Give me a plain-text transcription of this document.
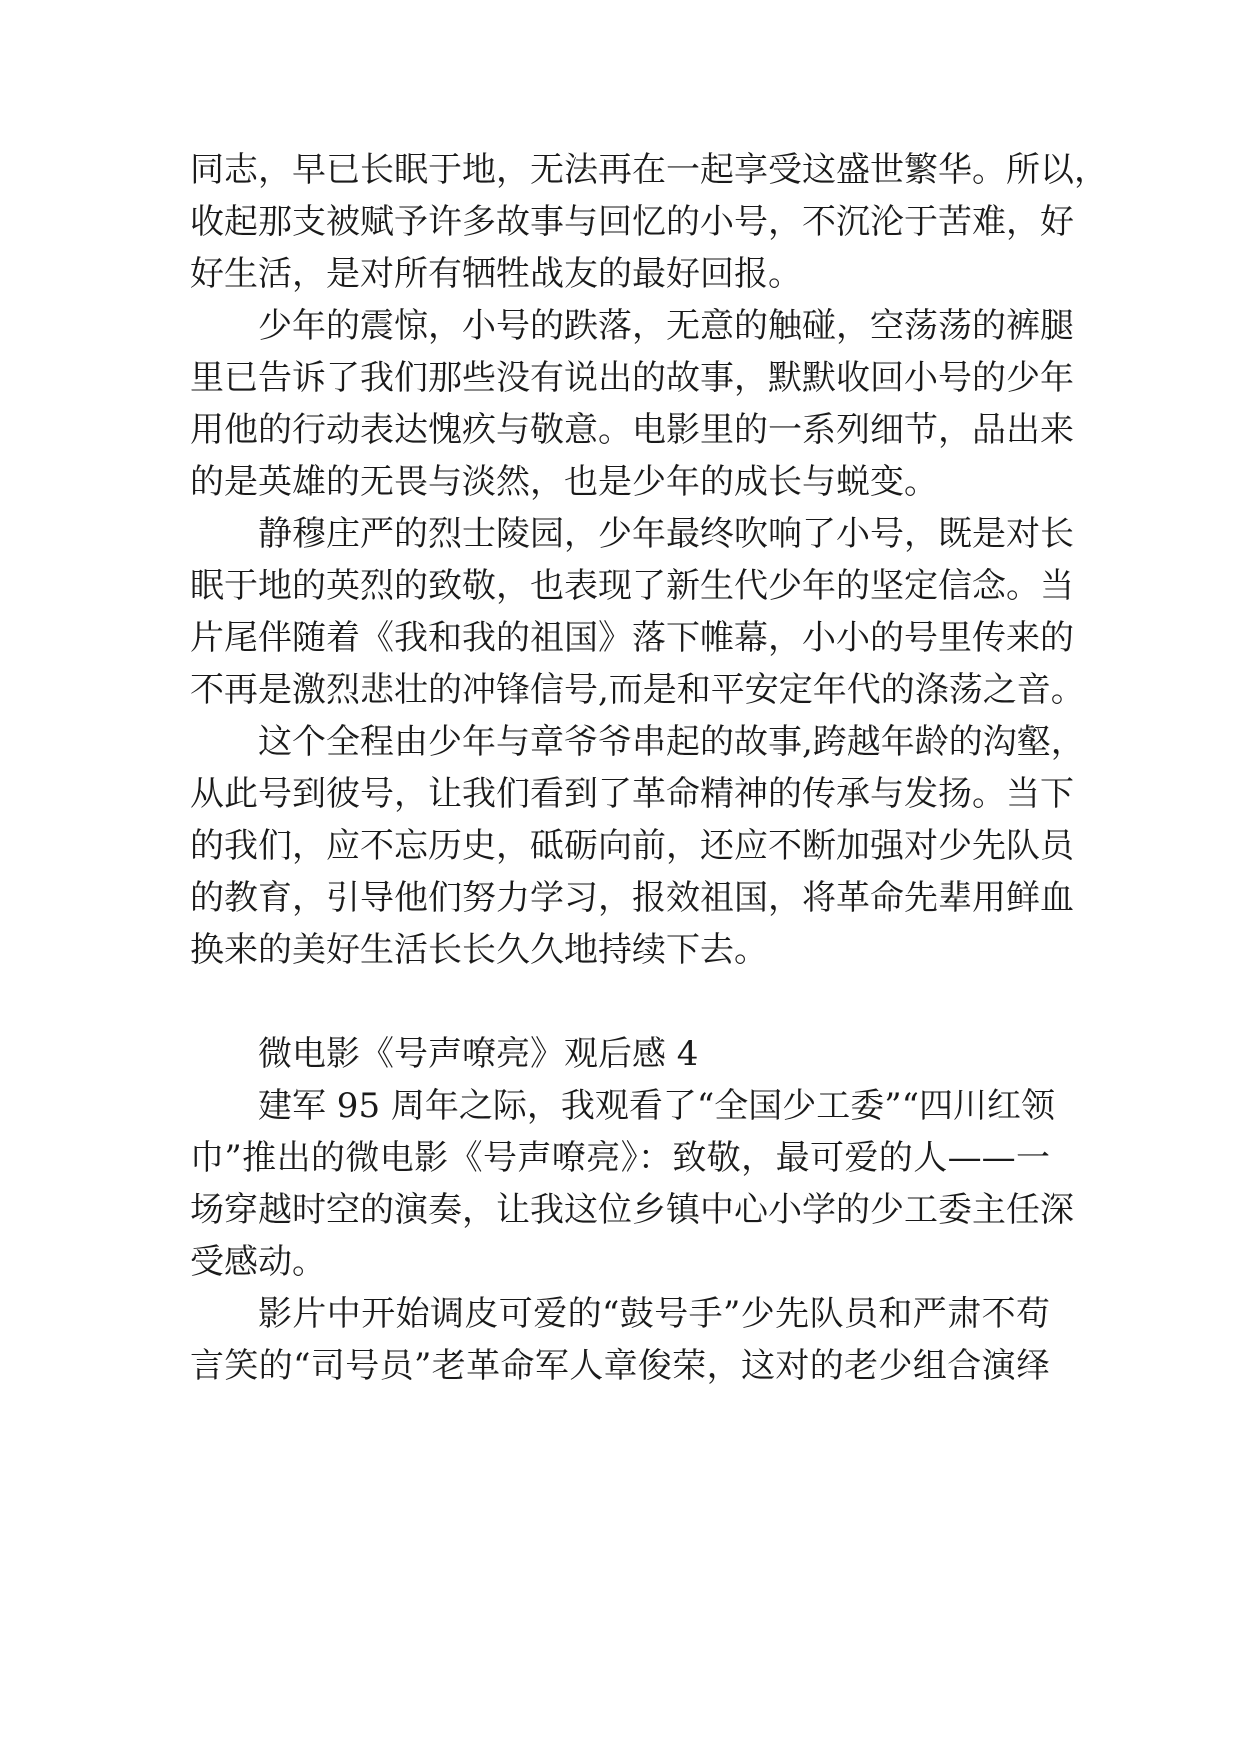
同志，早已长眠于地，无法再在一起享受这盛世繁华。所以，
收起那支被赋予许多故事与回忆的小号，不沉沦于苦难，好
好生活，是对所有牺牲战友的最好回报。
少年的震惊，小号的跌落，无意的触碰，空荡荡的裤腿
里已告诉了我们那些没有说出的故事，默默收回小号的少年
用他的行动表达愧疚与敬意。电影里的一系列细节，品出来
的是英雄的无畏与淡然，也是少年的成长与蜕变。
静穆庄严的烈士陵园，少年最终吹响了小号，既是对长
眠于地的英烈的致敬，也表现了新生代少年的坚定信念。当
片尾伴随着《我和我的祖国》落下帷幕，小小的号里传来的
不再是激烈悲壮的冲锋信号,而是和平安定年代的涤荡之音。
这个全程由少年与章爷爷串起的故事,跨越年龄的沟壑，
从此号到彼号，让我们看到了革命精神的传承与发扬。当下
的我们，应不忘历史，砥砺向前，还应不断加强对少先队员
的教育，引导他们努力学习，报效祖国，将革命先辈用鲜血
换来的美好生活长长久久地持续下去。
微电影《号声嘹亮》观后感 4
建军 95 周年之际，我观看了“全国少工委”“四川红领
巾”推出的微电影《号声嘹亮》：致敬，最可爱的人——一
场穿越时空的演奏，让我这位乡镇中心小学的少工委主任深
受感动。
影片中开始调皮可爱的“鼓号手”少先队员和严肃不苟
言笑的“司号员”老革命军人章俊荣，这对的老少组合演绎
